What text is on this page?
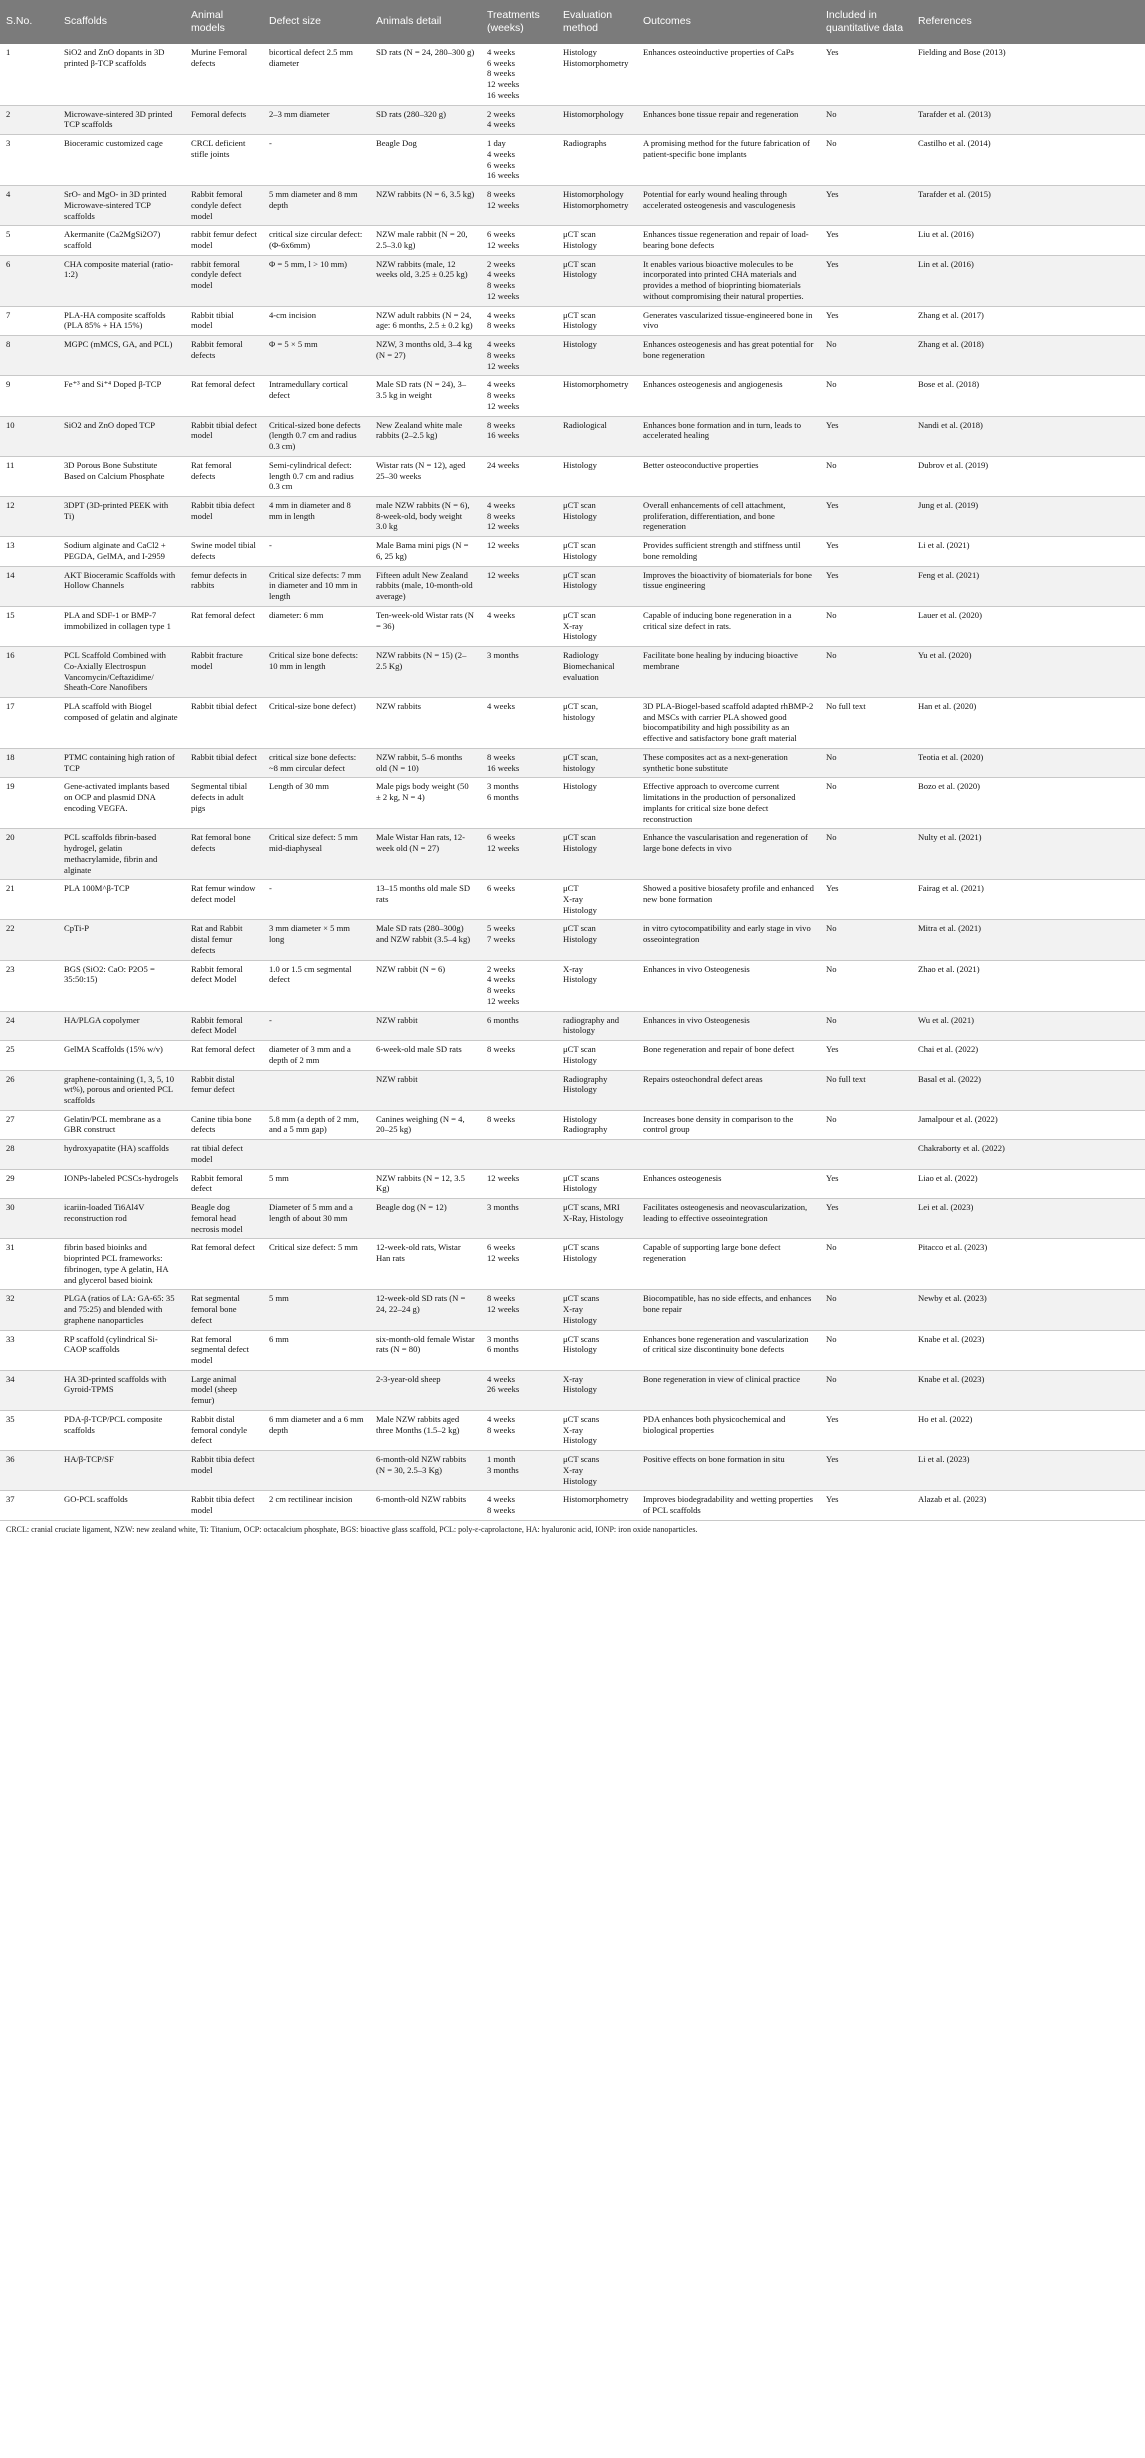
S.No.	Scaffolds	Animal models	Defect size	Animals detail	Treatments (weeks)	Evaluation method	Outcomes	Included in quantitative data	References
1	SiO2 and ZnO dopants in 3D printed β-TCP scaffolds	Murine Femoral defects	bicortical defect 2.5 mm diameter	SD rats (N = 24, 280–300 g)	4 weeks
6 weeks
8 weeks
12 weeks
16 weeks	Histology
Histomorphometry	Enhances osteoinductive properties of CaPs	Yes	Fielding and Bose (2013)
2	Microwave-sintered 3D printed TCP scaffolds	Femoral defects	2–3 mm diameter	SD rats (280–320 g)	2 weeks
4 weeks	Histomorphology	Enhances bone tissue repair and regeneration	No	Tarafder et al. (2013)
3	Bioceramic customized cage	CRCL deficient stifle joints	-	Beagle Dog	1 day
4 weeks
6 weeks
16 weeks	Radiographs	A promising method for the future fabrication of patient-specific bone implants	No	Castilho et al. (2014)
4	SrO- and MgO- in 3D printed Microwave-sintered TCP scaffolds	Rabbit femoral condyle defect model	5 mm diameter and 8 mm depth	NZW rabbits (N = 6, 3.5 kg)	8 weeks
12 weeks	Histomorphology
Histomorphometry	Potential for early wound healing through accelerated osteogenesis and vasculogenesis	Yes	Tarafder et al. (2015)
5	Akermanite (Ca2MgSi2O7) scaffold	rabbit femur defect model	critical size circular defect: (Φ-6x6mm)	NZW male rabbit (N = 20, 2.5–3.0 kg)	6 weeks
12 weeks	μCT scan
Histology	Enhances tissue regeneration and repair of load-bearing bone defects	Yes	Liu et al. (2016)
6	CHA composite material (ratio-1:2)	rabbit femoral condyle defect model	Φ = 5 mm, l > 10 mm)	NZW rabbits (male, 12 weeks old, 3.25 ± 0.25 kg)	2 weeks
4 weeks
8 weeks
12 weeks	μCT scan
Histology	It enables various bioactive molecules to be incorporated into printed CHA materials and provides a method of bioprinting biomaterials without compromising their natural properties.	Yes	Lin et al. (2016)
7	PLA-HA composite scaffolds (PLA 85% + HA 15%)	Rabbit tibial model	4-cm incision	NZW adult rabbits (N = 24, age: 6 months, 2.5 ± 0.2 kg)	4 weeks
8 weeks	μCT scan
Histology	Generates vascularized tissue-engineered bone in vivo	Yes	Zhang et al. (2017)
8	MGPC (mMCS, GA, and PCL)	Rabbit femoral defects	Φ = 5 × 5 mm	NZW, 3 months old, 3–4 kg (N = 27)	4 weeks
8 weeks
12 weeks	Histology	Enhances osteogenesis and has great potential for bone regeneration	No	Zhang et al. (2018)
9	Fe⁺³ and Si⁺⁴ Doped β-TCP	Rat femoral defect	Intramedullary cortical defect	Male SD rats (N = 24), 3–3.5 kg in weight	4 weeks
8 weeks
12 weeks	Histomorphometry	Enhances osteogenesis and angiogenesis	No	Bose et al. (2018)
10	SiO2 and ZnO doped TCP	Rabbit tibial defect model	Critical-sized bone defects (length 0.7 cm and radius 0.3 cm)	New Zealand white male rabbits (2–2.5 kg)	8 weeks
16 weeks	Radiological	Enhances bone formation and in turn, leads to accelerated healing	Yes	Nandi et al. (2018)
11	3D Porous Bone Substitute Based on Calcium Phosphate	Rat femoral defects	Semi-cylindrical defect: length 0.7 cm and radius 0.3 cm	Wistar rats (N = 12), aged 25–30 weeks	24 weeks	Histology	Better osteoconductive properties	No	Dubrov et al. (2019)
12	3DPT (3D-printed PEEK with Ti)	Rabbit tibia defect model	4 mm in diameter and 8 mm in length	male NZW rabbits (N = 6), 8-week-old, body weight 3.0 kg	4 weeks
8 weeks
12 weeks	μCT scan
Histology	Overall enhancements of cell attachment, proliferation, differentiation, and bone regeneration	Yes	Jung et al. (2019)
13	Sodium alginate and CaCl2 + PEGDA, GelMA, and I-2959	Swine model tibial defects	-	Male Bama mini pigs (N = 6, 25 kg)	12 weeks	μCT scan
Histology	Provides sufficient strength and stiffness until bone remolding	Yes	Li et al. (2021)
14	AKT Bioceramic Scaffolds with Hollow Channels	femur defects in rabbits	Critical size defects: 7 mm in diameter and 10 mm in length	Fifteen adult New Zealand rabbits (male, 10-month-old average)	12 weeks	μCT scan
Histology	Improves the bioactivity of biomaterials for bone tissue engineering	Yes	Feng et al. (2021)
15	PLA and SDF-1 or BMP-7 immobilized in collagen type 1	Rat femoral defect	diameter: 6 mm	Ten-week-old Wistar rats (N = 36)	4 weeks	μCT scan
X-ray
Histology	Capable of inducing bone regeneration in a critical size defect in rats.	No	Lauer et al. (2020)
16	PCL Scaffold Combined with Co-Axially Electrospun Vancomycin/Ceftazidime/ Sheath-Core Nanofibers	Rabbit fracture model	Critical size bone defects: 10 mm in length	NZW rabbits (N = 15) (2–2.5 Kg)	3 months	Radiology
Biomechanical evaluation	Facilitate bone healing by inducing bioactive membrane	No	Yu et al. (2020)
17	PLA scaffold with Biogel composed of gelatin and alginate	Rabbit tibial defect	Critical-size bone defect)	NZW rabbits	4 weeks	μCT scan, histology	3D PLA-Biogel-based scaffold adapted rhBMP-2 and MSCs with carrier PLA showed good biocompatibility and high possibility as an effective and satisfactory bone graft material	No full text	Han et al. (2020)
18	PTMC containing high ration of TCP	Rabbit tibial defect	critical size bone defects: ~8 mm circular defect	NZW rabbit, 5–6 months old (N = 10)	8 weeks
16 weeks	μCT scan, histology	These composites act as a next-generation synthetic bone substitute	No	Teotia et al. (2020)
19	Gene-activated implants based on OCP and plasmid DNA encoding VEGFA.	Segmental tibial defects in adult pigs	Length of 30 mm	Male pigs body weight (50 ± 2 kg, N = 4)	3 months
6 months	Histology	Effective approach to overcome current limitations in the production of personalized implants for critical size bone defect reconstruction	No	Bozo et al. (2020)
20	PCL scaffolds fibrin-based hydrogel, gelatin methacrylamide, fibrin and alginate	Rat femoral bone defects	Critical size defect: 5 mm mid-diaphyseal	Male Wistar Han rats, 12-week old (N = 27)	6 weeks
12 weeks	μCT scan
Histology	Enhance the vascularisation and regeneration of large bone defects in vivo	No	Nulty et al. (2021)
21	PLA 100M^β-TCP	Rat femur window defect model	-	13–15 months old male SD rats	6 weeks	μCT
X-ray
Histology	Showed a positive biosafety profile and enhanced new bone formation	Yes	Fairag et al. (2021)
22	CpTi-P	Rat and Rabbit distal femur defects	3 mm diameter × 5 mm long	Male SD rats (280–300g) and NZW rabbit (3.5–4 kg)	5 weeks
7 weeks	μCT scan
Histology	in vitro cytocompatibility and early stage in vivo osseointegration	No	Mitra et al. (2021)
23	BGS (SiO2: CaO: P2O5 = 35:50:15)	Rabbit femoral defect Model	1.0 or 1.5 cm segmental defect	NZW rabbit (N = 6)	2 weeks
4 weeks
8 weeks
12 weeks	X-ray
Histology	Enhances in vivo Osteogenesis	No	Zhao et al. (2021)
24	HA/PLGA copolymer	Rabbit femoral defect Model	-	NZW rabbit	6 months	radiography and histology	Enhances in vivo Osteogenesis	No	Wu et al. (2021)
25	GelMA Scaffolds (15% w/v)	Rat femoral defect	diameter of 3 mm and a depth of 2 mm	6-week-old male SD rats	8 weeks	μCT scan
Histology	Bone regeneration and repair of bone defect	Yes	Chai et al. (2022)
26	graphene-containing (1, 3, 5, 10 wt%), porous and oriented PCL scaffolds	Rabbit distal femur defect		NZW rabbit		Radiography
Histology	Repairs osteochondral defect areas	No full text	Basal et al. (2022)
27	Gelatin/PCL membrane as a GBR construct	Canine tibia bone defects	5.8 mm (a depth of 2 mm, and a 5 mm gap)	Canines weighing (N = 4, 20–25 kg)	8 weeks	Histology
Radiography	Increases bone density in comparison to the control group	No	Jamalpour et al. (2022)
28	hydroxyapatite (HA) scaffolds	rat tibial defect model							Chakraborty et al. (2022)
29	IONPs-labeled PCSCs-hydrogels	Rabbit femoral defect	5 mm	NZW rabbits (N = 12, 3.5 Kg)	12 weeks	μCT scans
Histology	Enhances osteogenesis	Yes	Liao et al. (2022)
30	icariin-loaded Ti6Al4V reconstruction rod	Beagle dog femoral head necrosis model	Diameter of 5 mm and a length of about 30 mm	Beagle dog (N = 12)	3 months	μCT scans, MRI
X-Ray, Histology	Facilitates osteogenesis and neovascularization, leading to effective osseointegration	Yes	Lei et al. (2023)
31	fibrin based bioinks and bioprinted PCL frameworks: fibrinogen, type A gelatin, HA and glycerol based bioink	Rat femoral defect	Critical size defect: 5 mm	12-week-old rats, Wistar Han rats	6 weeks
12 weeks	μCT scans
Histology	Capable of supporting large bone defect regeneration	No	Pitacco et al. (2023)
32	PLGA (ratios of LA: GA-65: 35 and 75:25) and blended with graphene nanoparticles	Rat segmental femoral bone defect	5 mm	12-week-old SD rats (N = 24, 22–24 g)	8 weeks
12 weeks	μCT scans
X-ray
Histology	Biocompatible, has no side effects, and enhances bone repair	No	Newby et al. (2023)
33	RP scaffold (cylindrical Si-CAOP scaffolds	Rat femoral segmental defect model	6 mm	six-month-old female Wistar rats (N = 80)	3 months
6 months	μCT scans
Histology	Enhances bone regeneration and vascularization of critical size discontinuity bone defects	No	Knabe et al. (2023)
34	HA 3D-printed scaffolds with Gyroid-TPMS	Large animal model (sheep femur)		2-3-year-old sheep	4 weeks
26 weeks	X-ray
Histology	Bone regeneration in view of clinical practice	No	Knabe et al. (2023)
35	PDA-β-TCP/PCL composite scaffolds	Rabbit distal femoral condyle defect	6 mm diameter and a 6 mm depth	Male NZW rabbits aged three Months (1.5–2 kg)	4 weeks
8 weeks	μCT scans
X-ray
Histology	PDA enhances both physicochemical and biological properties	Yes	Ho et al. (2022)
36	HA/β-TCP/SF	Rabbit tibia defect model		6-month-old NZW rabbits (N = 30, 2.5–3 Kg)	1 month
3 months	μCT scans
X-ray
Histology	Positive effects on bone formation in situ	Yes	Li et al. (2023)
37	GO-PCL scaffolds	Rabbit tibia defect model	2 cm rectilinear incision	6-month-old NZW rabbits	4 weeks
8 weeks	Histomorphometry	Improves biodegradability and wetting properties of PCL scaffolds	Yes	Alazab et al. (2023)
CRCL: cranial cruciate ligament, NZW: new zealand white, Ti: Titanium, OCP: octacalcium phosphate, BGS: bioactive glass scaffold, PCL: poly-ε-caprolactone, HA: hyaluronic acid, IONP: iron oxide nanoparticles.
